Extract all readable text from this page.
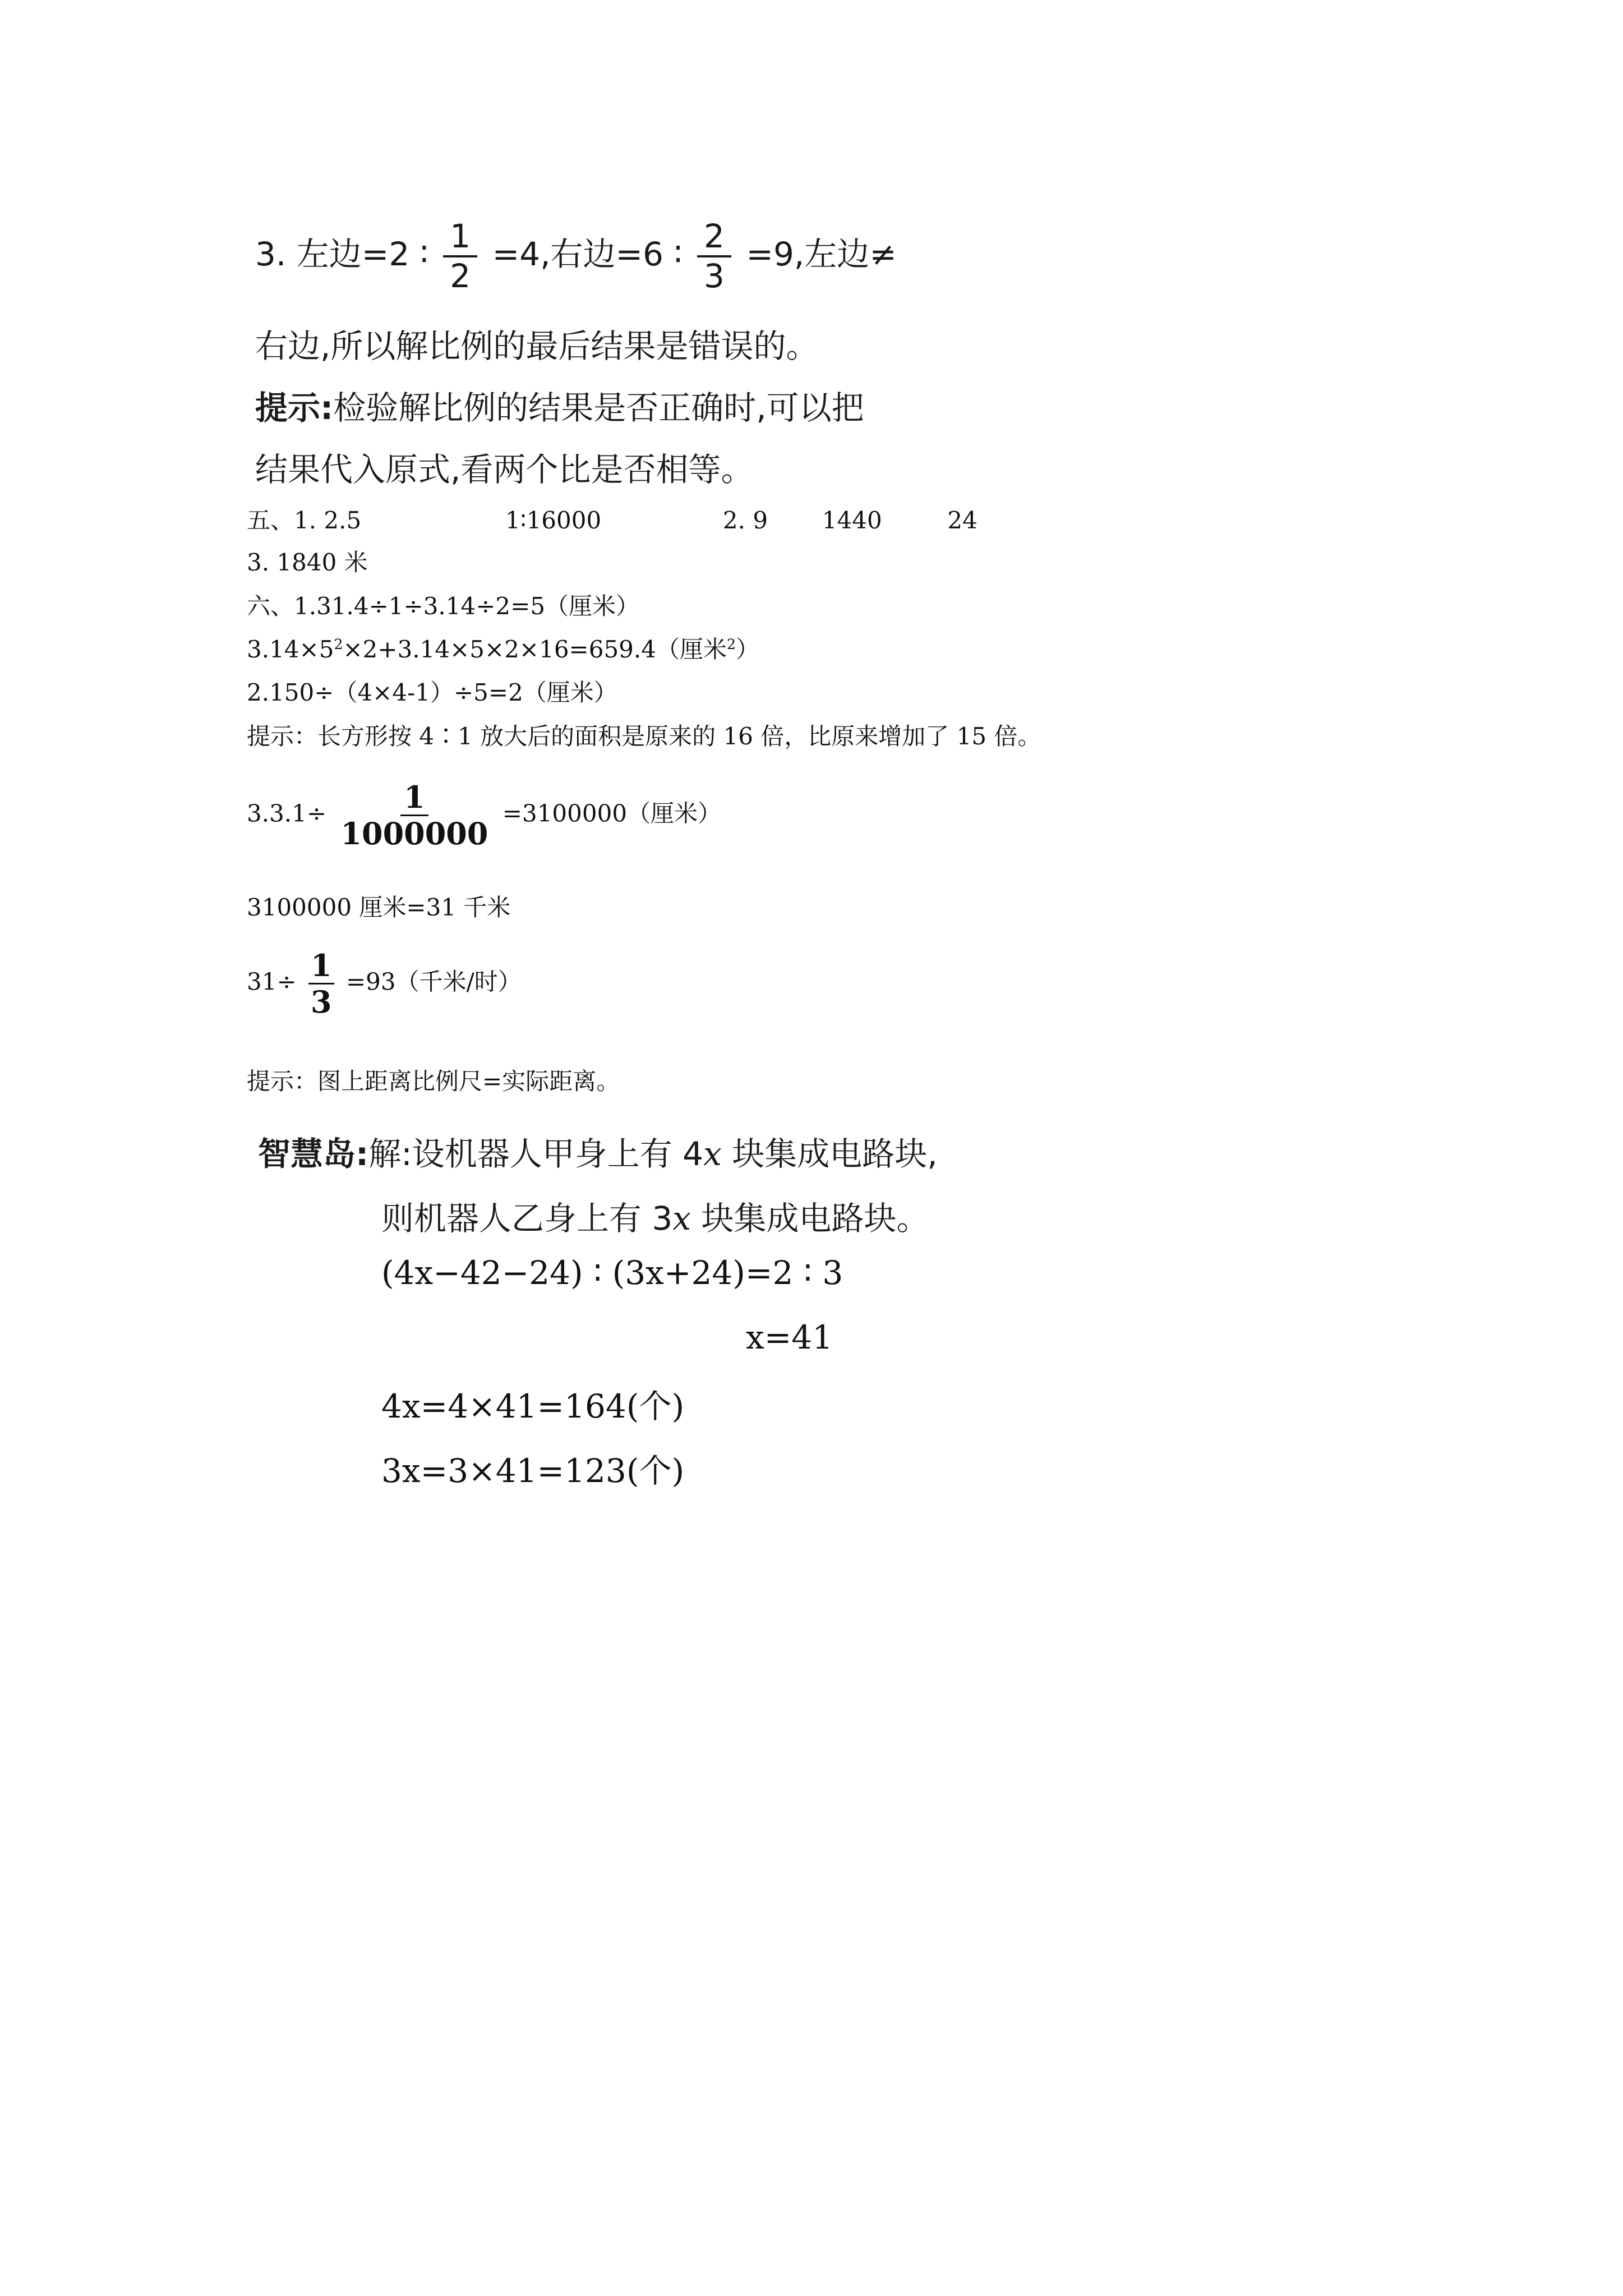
3. 左边=2 ∶ $\frac{1}{2} =4$,右边=6 ∶ $\frac{2}{3} =9$,左边≠
右边,所以解比例的最后结果是错误的。
提示:检验解比例的结果是否正确时,可以把
结果代入原式,看两个比是否相等。
五、1. 2.5	1∶16000	2. 9 1440	24
3. 1840 米
六、1.31.4÷1÷3.14÷2=5（厘米）
$3.14\times 5^2\times 2+3.14\times 5\times 2\times 16=659.4$（厘米$^2$）
2.150÷（4×4-1）÷5=2（厘米）
提示：长方形按 4∶1 放大后的面积是原来的 16 倍，比原来增加了 15 倍。
$3.3.1\div \frac{1}{1000000} =3100000$（厘米）
3100000 厘米=31 千米
$31\div \frac{1}{3} =93$（千米/时）
提示：图上距离比例尺=实际距离。
智慧岛:解:设机器人甲身上有 4x 块集成电路块,
则机器人乙身上有 3x 块集成电路块。
(4x−42−24) ∶ (3x+24)=2 ∶ 3
x=41
4x=4×41=164(个)
3x=3×41=123(个)
